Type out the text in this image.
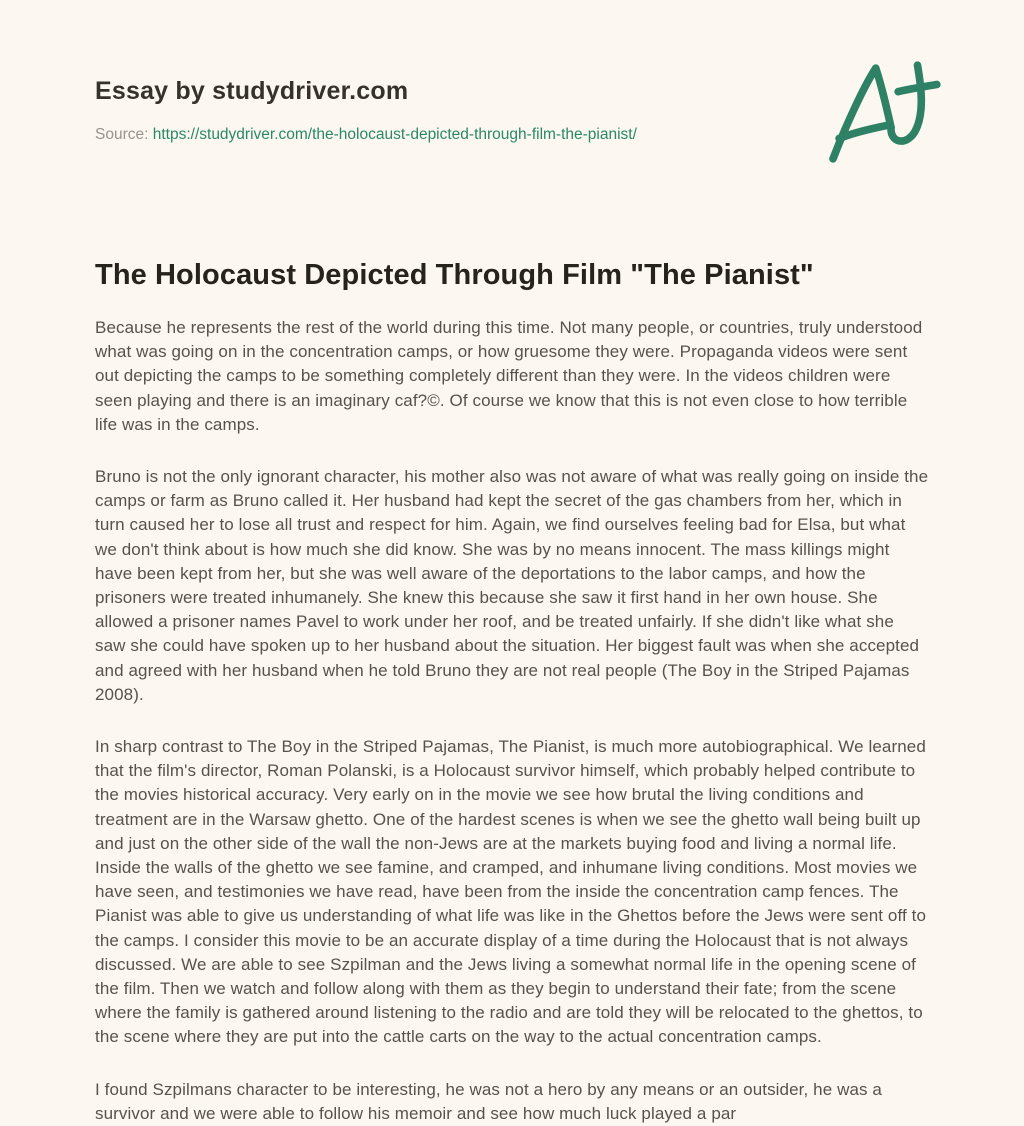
Essay by studydriver.com

Source: https://studydriver.com/the-holocaust-depicted-through-film-the-pianist/

The Holocaust Depicted Through Film "The Pianist"

Because he represents the rest of the world during this time. Not many people, or countries, truly understood what was going on in the concentration camps, or how gruesome they were. Propaganda videos were sent out depicting the camps to be something completely different than they were. In the videos children were seen playing and there is an imaginary caf?©. Of course we know that this is not even close to how terrible life was in the camps.

Bruno is not the only ignorant character, his mother also was not aware of what was really going on inside the camps or farm as Bruno called it. Her husband had kept the secret of the gas chambers from her, which in turn caused her to lose all trust and respect for him. Again, we find ourselves feeling bad for Elsa, but what we don't think about is how much she did know. She was by no means innocent. The mass killings might have been kept from her, but she was well aware of the deportations to the labor camps, and how the prisoners were treated inhumanely. She knew this because she saw it first hand in her own house. She allowed a prisoner names Pavel to work under her roof, and be treated unfairly. If she didn't like what she saw she could have spoken up to her husband about the situation. Her biggest fault was when she accepted and agreed with her husband when he told Bruno they are not real people (The Boy in the Striped Pajamas 2008).

In sharp contrast to The Boy in the Striped Pajamas, The Pianist, is much more autobiographical. We learned that the film's director, Roman Polanski, is a Holocaust survivor himself, which probably helped contribute to the movies historical accuracy. Very early on in the movie we see how brutal the living conditions and treatment are in the Warsaw ghetto. One of the hardest scenes is when we see the ghetto wall being built up and just on the other side of the wall the non-Jews are at the markets buying food and living a normal life. Inside the walls of the ghetto we see famine, and cramped, and inhumane living conditions. Most movies we have seen, and testimonies we have read, have been from the inside the concentration camp fences. The Pianist was able to give us understanding of what life was like in the Ghettos before the Jews were sent off to the camps. I consider this movie to be an accurate display of a time during the Holocaust that is not always discussed. We are able to see Szpilman and the Jews living a somewhat normal life in the opening scene of the film. Then we watch and follow along with them as they begin to understand their fate; from the scene where the family is gathered around listening to the radio and are told they will be relocated to the ghettos, to the scene where they are put into the cattle carts on the way to the actual concentration camps.

I found Szpilmans character to be interesting, he was not a hero by any means or an outsider, he was a survivor and we were able to follow his memoir and see how much luck played a par
